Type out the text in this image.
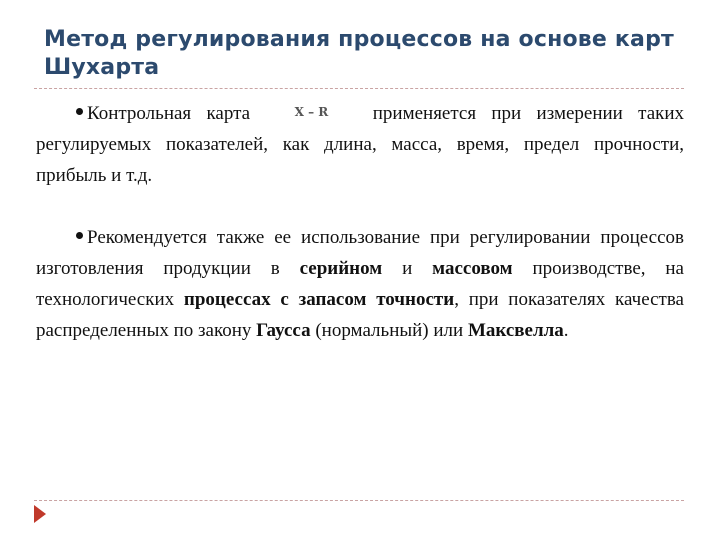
Метод регулирования процессов на основе карт Шухарта

Контрольная карта	X – R применяется при измерении таких регулируемых показателей, как длина, масса, время, предел прочности, прибыль и т.д.

Рекомендуется также ее использование при регулировании процессов изготовления продукции в серийном и массовом производстве, на технологических процессах с запасом точности, при показателях качества распределенных по закону Гаусса (нормальный) или Максвелла.
